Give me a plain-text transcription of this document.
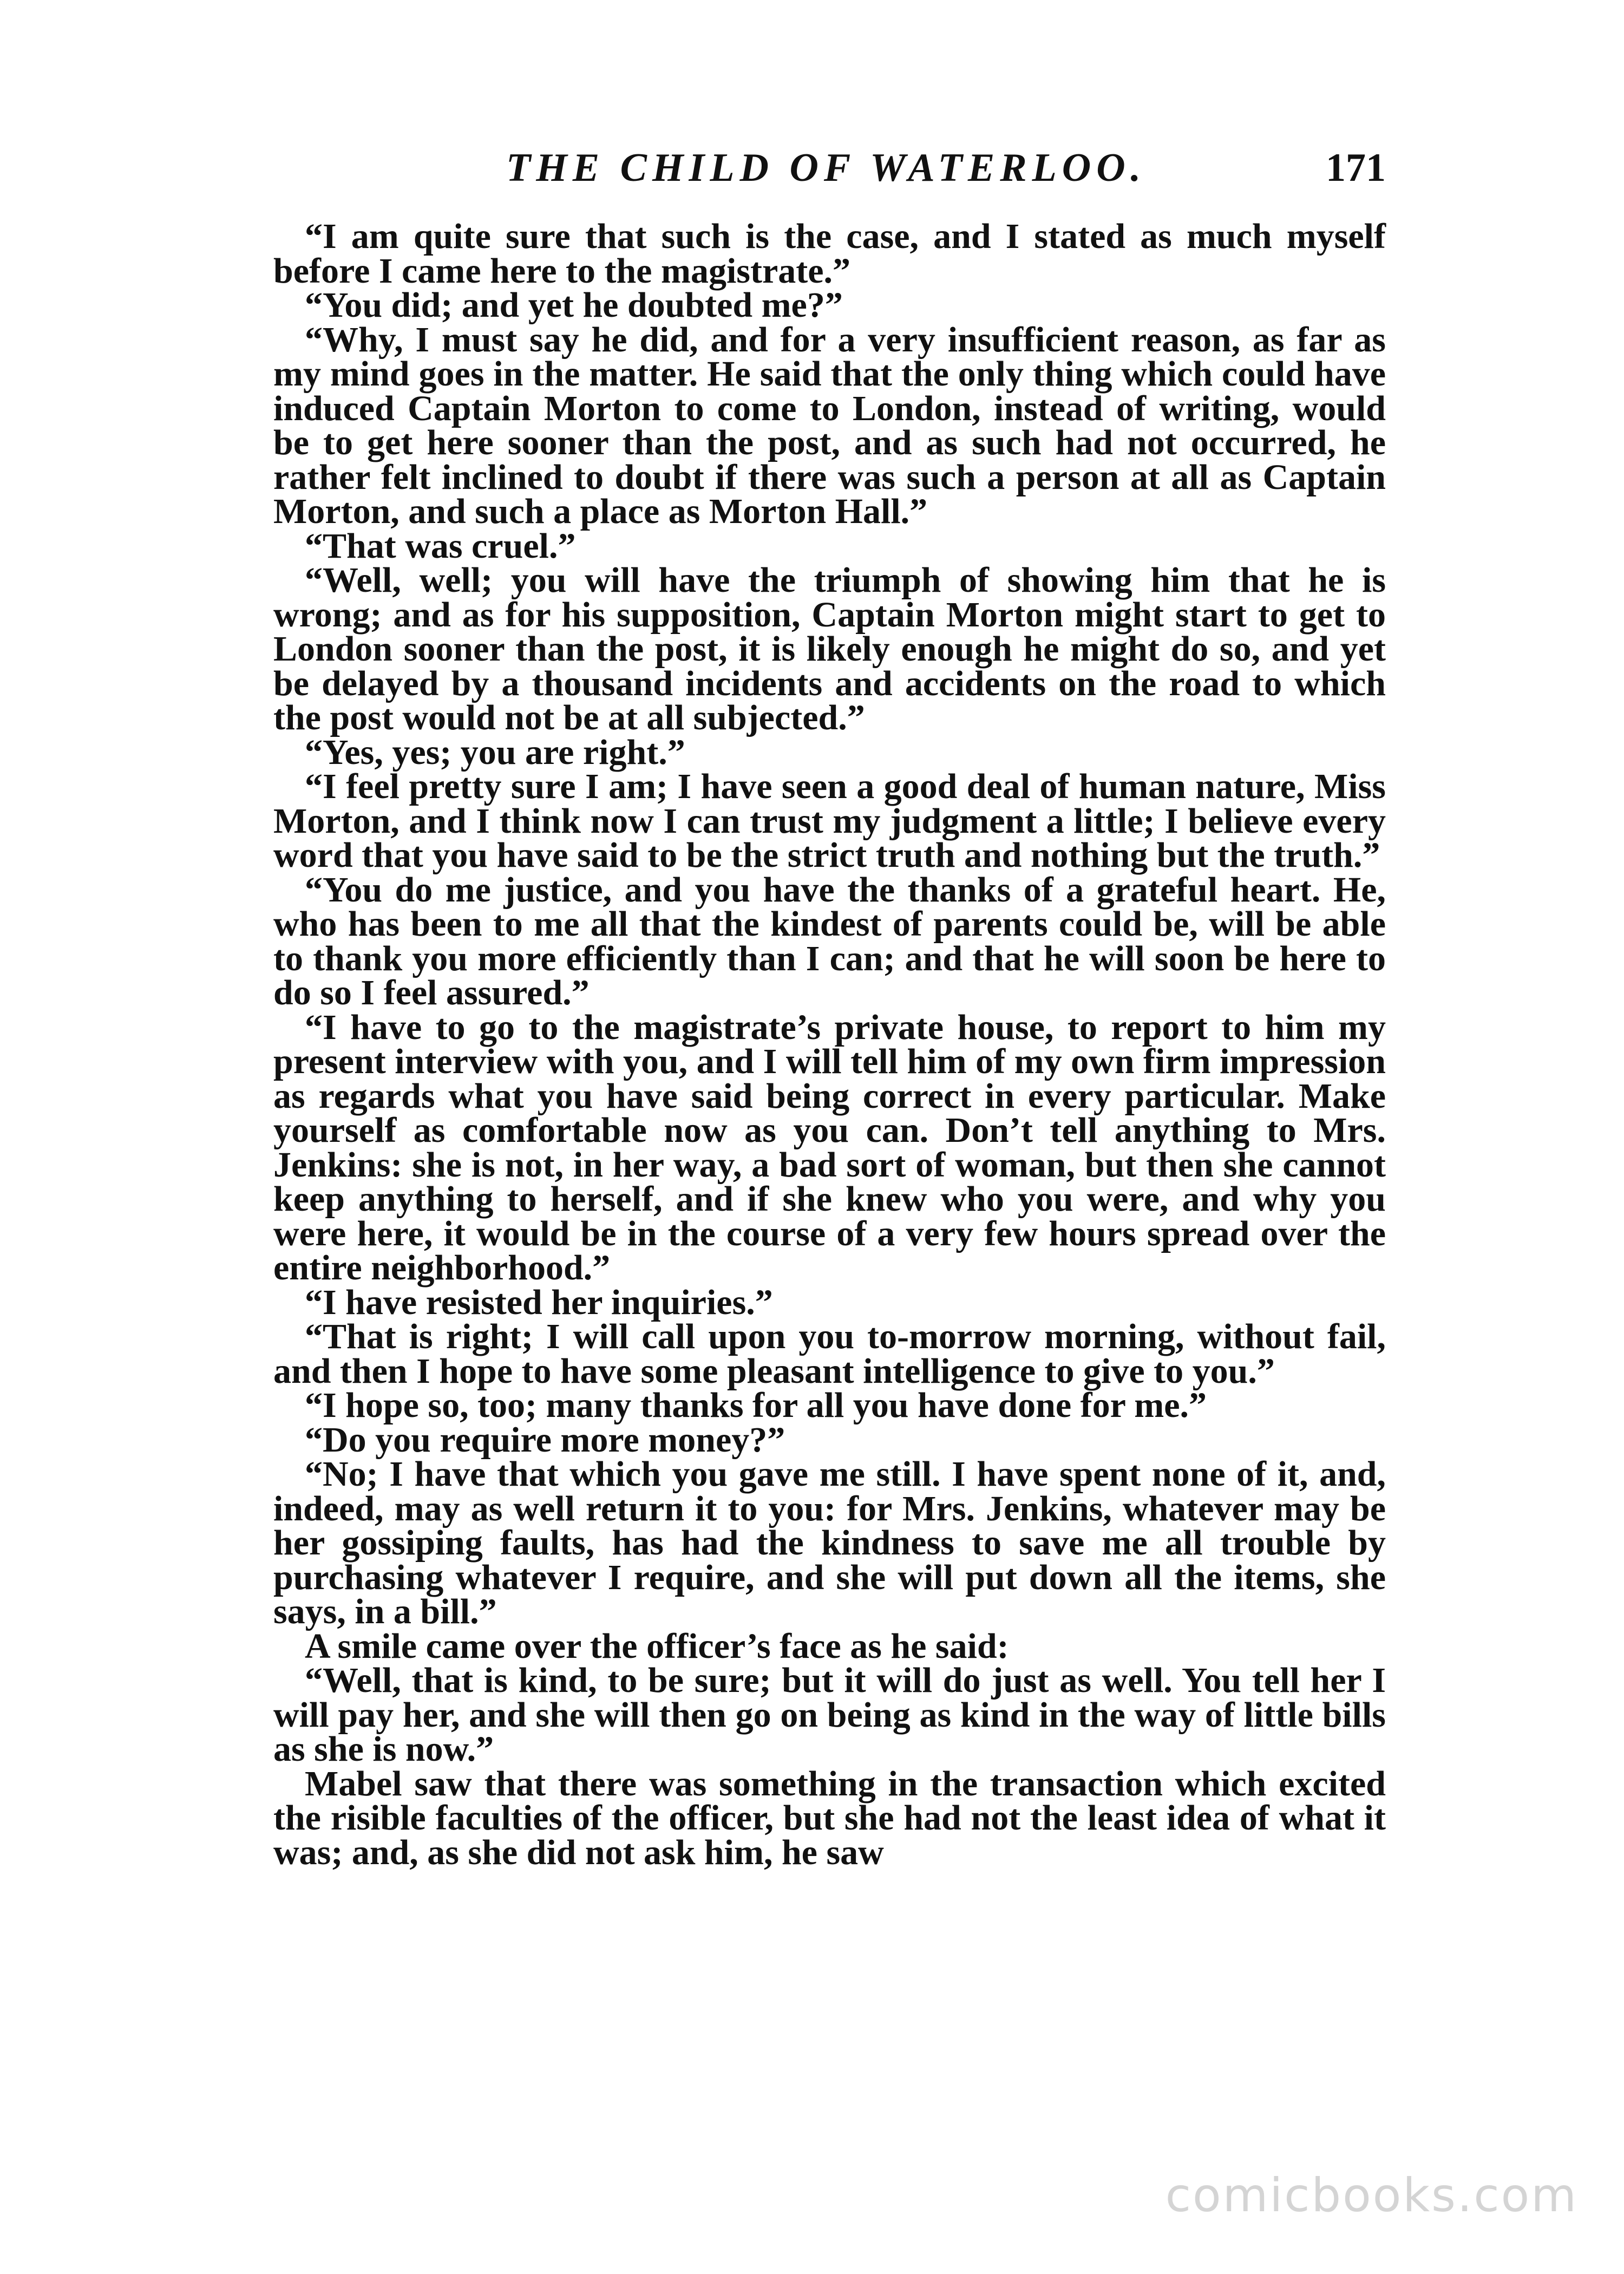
THE CHILD OF WATERLOO.	171

“I am quite sure that such is the case, and I stated as much myself before I came here to the magistrate.”

“You did; and yet he doubted me?”

“Why, I must say he did, and for a very insufficient reason, as far as my mind goes in the matter. He said that the only thing which could have induced Captain Morton to come to London, instead of writing, would be to get here sooner than the post, and as such had not occurred, he rather felt inclined to doubt if there was such a person at all as Captain Morton, and such a place as Morton Hall.”

“That was cruel.”

“Well, well; you will have the triumph of showing him that he is wrong; and as for his supposition, Captain Morton might start to get to London sooner than the post, it is likely enough he might do so, and yet be delayed by a thousand incidents and accidents on the road to which the post would not be at all subjected.”

“Yes, yes; you are right.”

“I feel pretty sure I am; I have seen a good deal of human nature, Miss Morton, and I think now I can trust my judgment a little; I believe every word that you have said to be the strict truth and nothing but the truth.”

“You do me justice, and you have the thanks of a grateful heart. He, who has been to me all that the kindest of parents could be, will be able to thank you more efficiently than I can; and that he will soon be here to do so I feel assured.”

“I have to go to the magistrate’s private house, to report to him my present interview with you, and I will tell him of my own firm impression as regards what you have said being correct in every particular. Make yourself as comfortable now as you can. Don’t tell anything to Mrs. Jenkins: she is not, in her way, a bad sort of woman, but then she cannot keep anything to herself, and if she knew who you were, and why you were here, it would be in the course of a very few hours spread over the entire neighborhood.”

“I have resisted her inquiries.”

“That is right; I will call upon you to-morrow morning, without fail, and then I hope to have some pleasant intelligence to give to you.”

“I hope so, too; many thanks for all you have done for me.”

“Do you require more money?”

“No; I have that which you gave me still. I have spent none of it, and, indeed, may as well return it to you: for Mrs. Jenkins, whatever may be her gossiping faults, has had the kindness to save me all trouble by purchasing whatever I require, and she will put down all the items, she says, in a bill.”

A smile came over the officer’s face as he said:

“Well, that is kind, to be sure; but it will do just as well. You tell her I will pay her, and she will then go on being as kind in the way of little bills as she is now.”

Mabel saw that there was something in the transaction which excited the risible faculties of the officer, but she had not the least idea of what it was; and, as she did not ask him, he saw

comicbooks.com
